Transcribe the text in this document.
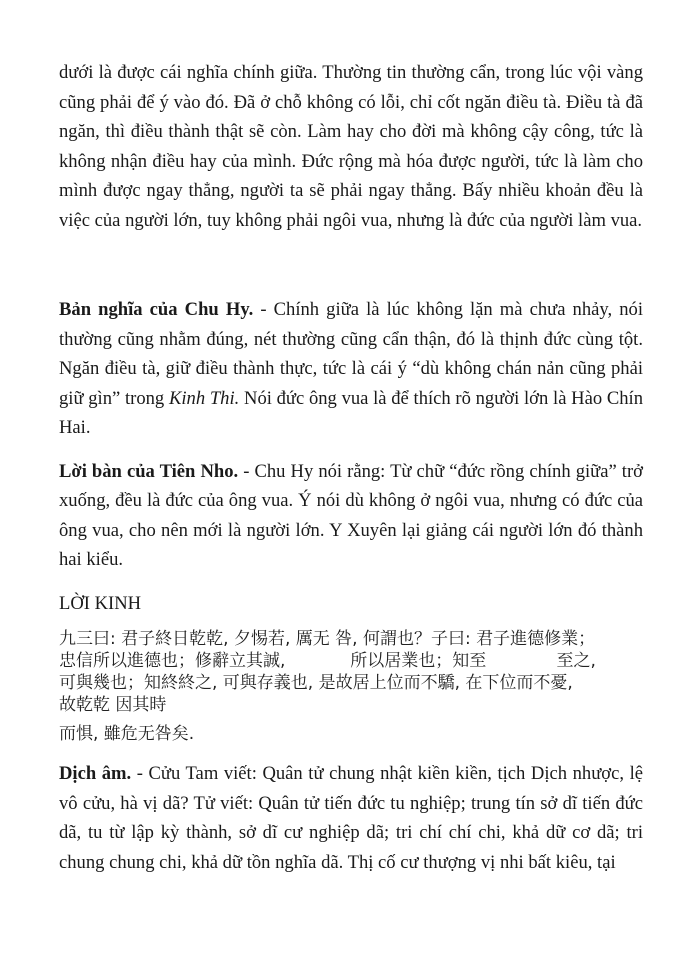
dưới là được cái nghĩa chính giữa. Thường tin thường cẩn, trong lúc vội vàng cũng phải để ý vào đó. Đã ở chỗ không có lỗi, chỉ cốt ngăn điều tà. Điều tà đã ngăn, thì điều thành thật sẽ còn. Làm hay cho đời mà không cậy công, tức là không nhận điều hay của mình. Đức rộng mà hóa được người, tức là làm cho mình được ngay thẳng, người ta sẽ phải ngay thẳng. Bấy nhiều khoản đều là việc của người lớn, tuy không phải ngôi vua, nhưng là đức của người làm vua.

Bản nghĩa của Chu Hy. - Chính giữa là lúc không lặn mà chưa nhảy, nói thường cũng nhằm đúng, nét thường cũng cẩn thận, đó là thịnh đức cùng tột. Ngăn điều tà, giữ điều thành thực, tức là cái ý “dù không chán nản cũng phải giữ gìn” trong Kinh Thi. Nói đức ông vua là để thích rõ người lớn là Hào Chín Hai.

Lời bàn của Tiên Nho. - Chu Hy nói rằng: Từ chữ “đức rồng chính giữa” trở xuống, đều là đức của ông vua. Ý nói dù không ở ngôi vua, nhưng có đức của ông vua, cho nên mới là người lớn. Y Xuyên lại giảng cái người lớn đó thành hai kiểu.

LỜI KINH

九三曰: 君子終日乾乾, 夕惕若, 厲无 咎, 何謂也？子曰: 君子進德修業；
忠信所以進德也；修辭立其誠,            所以居業也；知至             至之,
可與幾也；知終終之, 可與存義也, 是故居上位而不驕, 在下位而不憂,
故乾乾 因其時
而惧, 雖危无咎矣.

Dịch âm. - Cửu Tam viết: Quân tử chung nhật kiền kiền, tịch Dịch nhược, lệ vô cửu, hà vị dã? Tử viết: Quân tử tiến đức tu nghiệp; trung tín sở dĩ tiến đức dã, tu từ lập kỳ thành, sở dĩ cư nghiệp dã; tri chí chí chi, khả dữ cơ dã; tri chung chung chi, khả dữ tồn nghĩa dã. Thị cố cư thượng vị nhi bất kiêu, tại
